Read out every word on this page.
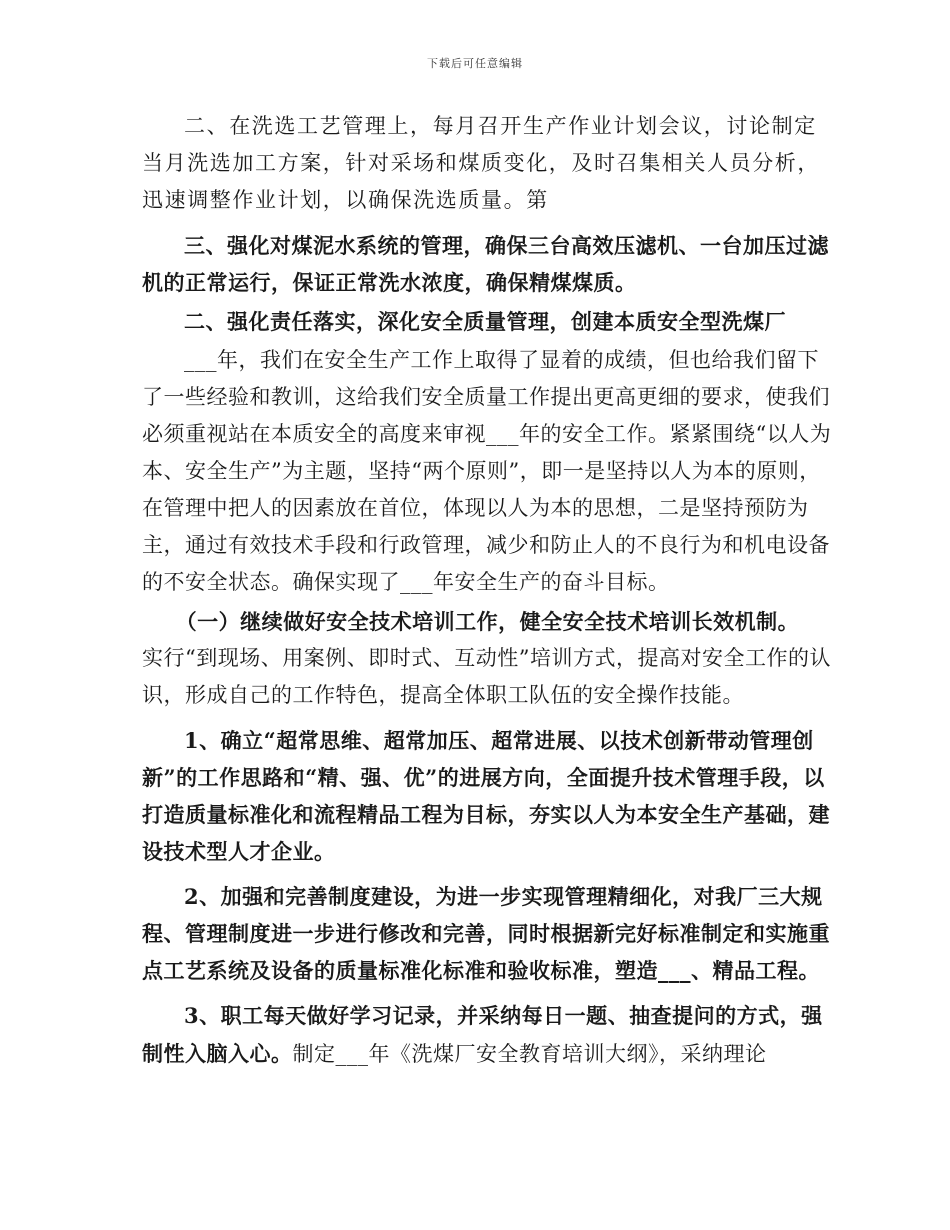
下载后可任意编辑

二、在洗选工艺管理上，每月召开生产作业计划会议，讨论制定当月洗选加工方案，针对采场和煤质变化，及时召集相关人员分析，迅速调整作业计划，以确保洗选质量。第

三、强化对煤泥水系统的管理，确保三台高效压滤机、一台加压过滤机的正常运行，保证正常洗水浓度，确保精煤煤质。

二、强化责任落实，深化安全质量管理，创建本质安全型洗煤厂

___年，我们在安全生产工作上取得了显着的成绩，但也给我们留下了一些经验和教训，这给我们安全质量工作提出更高更细的要求，使我们必须重视站在本质安全的高度来审视___年的安全工作。紧紧围绕“以人为本、安全生产”为主题，坚持“两个原则”，即一是坚持以人为本的原则，在管理中把人的因素放在首位，体现以人为本的思想，二是坚持预防为主，通过有效技术手段和行政管理，减少和防止人的不良行为和机电设备的不安全状态。确保实现了___年安全生产的奋斗目标。

（一）继续做好安全技术培训工作，健全安全技术培训长效机制。

实行“到现场、用案例、即时式、互动性”培训方式，提高对安全工作的认识，形成自己的工作特色，提高全体职工队伍的安全操作技能。

1、确立“超常思维、超常加压、超常进展、以技术创新带动管理创新”的工作思路和“精、强、优”的进展方向，全面提升技术管理手段，以打造质量标准化和流程精品工程为目标，夯实以人为本安全生产基础，建设技术型人才企业。

2、加强和完善制度建设，为进一步实现管理精细化，对我厂三大规程、管理制度进一步进行修改和完善，同时根据新完好标准制定和实施重点工艺系统及设备的质量标准化标准和验收标准，塑造___、精品工程。

3、职工每天做好学习记录，并采纳每日一题、抽查提问的方式，强制性入脑入心。制定___年《洗煤厂安全教育培训大纲》，采纳理论
